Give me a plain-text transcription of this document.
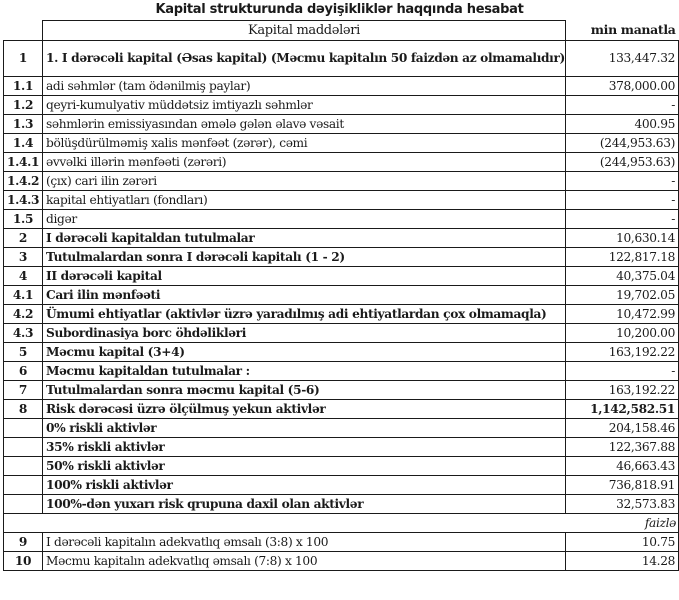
Kapital strukturunda dəyişikliklər haqqında hesabat
	Kapital maddələri	min manatla
1	1. I dərəcəli kapital (Əsas kapital) (Məcmu kapitalın 50 faizdən az olmamalıdır)	133,447.32
1.1	adi səhmlər (tam ödənilmiş paylar)	378,000.00
1.2	qeyri-kumulyativ müddətsiz imtiyazlı səhmlər	-
1.3	səhmlərin emissiyasından əmələ gələn əlavə vəsait	400.95
1.4	bölüşdürülməmiş xalis mənfəət (zərər), cəmi	(244,953.63)
1.4.1	əvvəlki illərin mənfəəti (zərəri)	(244,953.63)
1.4.2	(çıx) cari ilin zərəri	-
1.4.3	kapital ehtiyatları (fondları)	-
1.5	digər	-
2	I dərəcəli kapitaldan tutulmalar	10,630.14
3	Tutulmalardan sonra I dərəcəli kapitalı (1 - 2)	122,817.18
4	II dərəcəli kapital	40,375.04
4.1	Cari ilin mənfəəti	19,702.05
4.2	Ümumi ehtiyatlar (aktivlər üzrə yaradılmış adi ehtiyatlardan çox olmamaqla)	10,472.99
4.3	Subordinasiya borc öhdəlikləri	10,200.00
5	Məcmu kapital (3+4)	163,192.22
6	Məcmu kapitaldan tutulmalar :	-
7	Tutulmalardan sonra məcmu kapital (5-6)	163,192.22
8	Risk dərəcəsi üzrə ölçülmuş yekun aktivlər	1,142,582.51
	0% riskli aktivlər	204,158.46
	35% riskli aktivlər	122,367.88
	50% riskli aktivlər	46,663.43
	100% riskli aktivlər	736,818.91
	100%-dən yuxarı risk qrupuna daxil olan aktivlər	32,573.83
faizlə		
9	I dərəcəli kapitalın adekvatlıq əmsalı (3:8) x 100	10.75
10	Məcmu kapitalın adekvatlıq əmsalı (7:8) x 100	14.28
